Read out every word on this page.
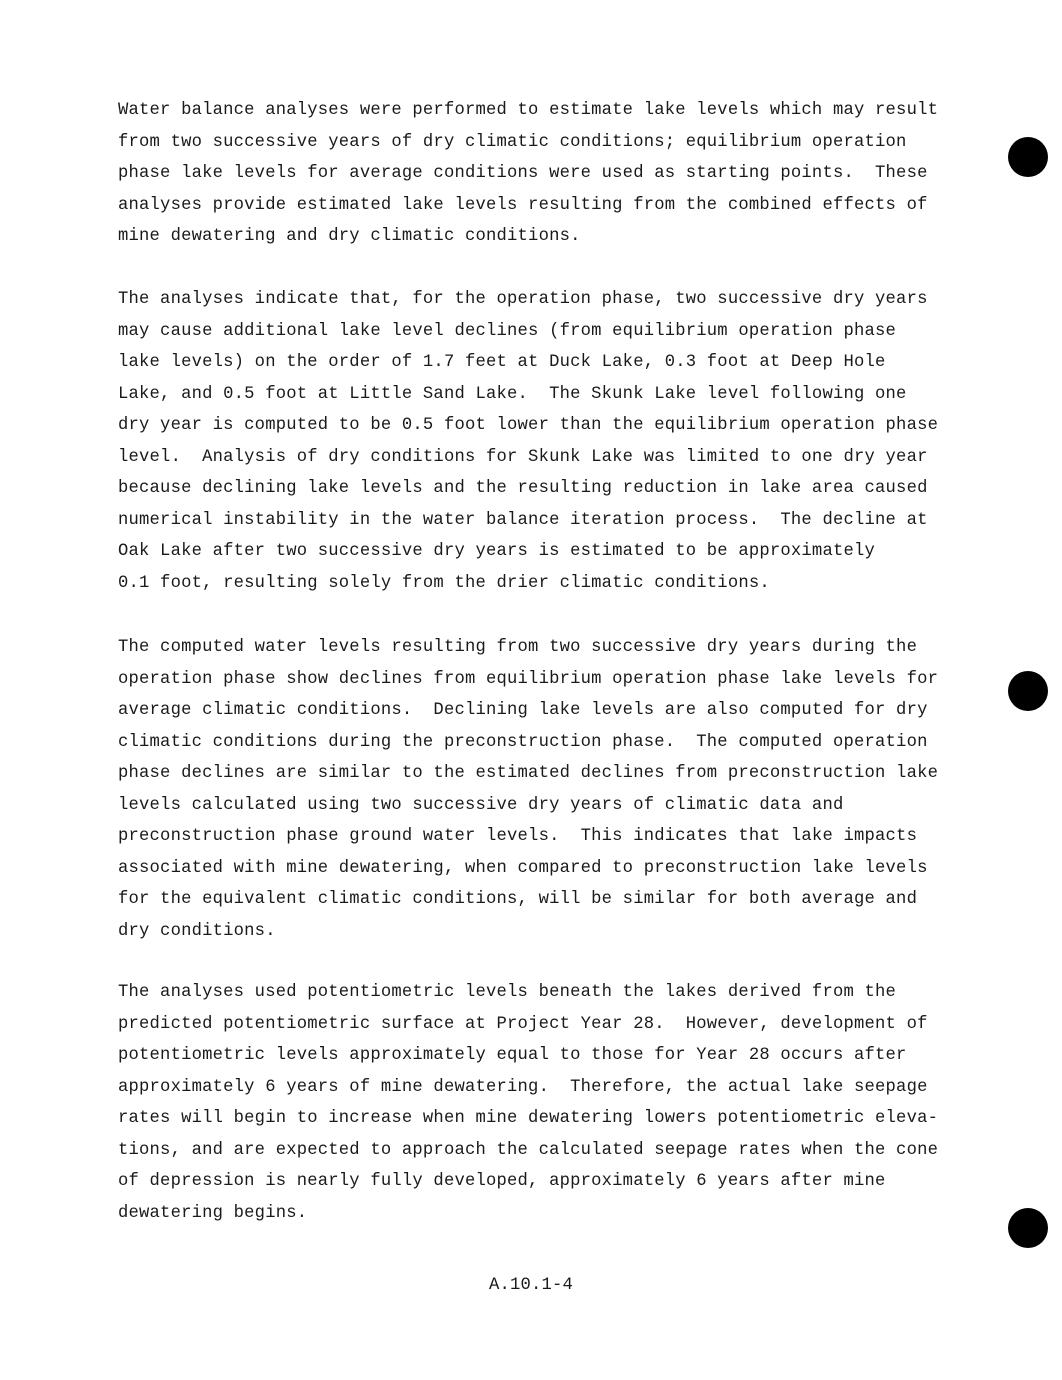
Water balance analyses were performed to estimate lake levels which may result
from two successive years of dry climatic conditions; equilibrium operation
phase lake levels for average conditions were used as starting points.  These
analyses provide estimated lake levels resulting from the combined effects of
mine dewatering and dry climatic conditions.
The analyses indicate that, for the operation phase, two successive dry years
may cause additional lake level declines (from equilibrium operation phase
lake levels) on the order of 1.7 feet at Duck Lake, 0.3 foot at Deep Hole
Lake, and 0.5 foot at Little Sand Lake.  The Skunk Lake level following one
dry year is computed to be 0.5 foot lower than the equilibrium operation phase
level.  Analysis of dry conditions for Skunk Lake was limited to one dry year
because declining lake levels and the resulting reduction in lake area caused
numerical instability in the water balance iteration process.  The decline at
Oak Lake after two successive dry years is estimated to be approximately
0.1 foot, resulting solely from the drier climatic conditions.
The computed water levels resulting from two successive dry years during the
operation phase show declines from equilibrium operation phase lake levels for
average climatic conditions.  Declining lake levels are also computed for dry
climatic conditions during the preconstruction phase.  The computed operation
phase declines are similar to the estimated declines from preconstruction lake
levels calculated using two successive dry years of climatic data and
preconstruction phase ground water levels.  This indicates that lake impacts
associated with mine dewatering, when compared to preconstruction lake levels
for the equivalent climatic conditions, will be similar for both average and
dry conditions.
The analyses used potentiometric levels beneath the lakes derived from the
predicted potentiometric surface at Project Year 28.  However, development of
potentiometric levels approximately equal to those for Year 28 occurs after
approximately 6 years of mine dewatering.  Therefore, the actual lake seepage
rates will begin to increase when mine dewatering lowers potentiometric eleva-
tions, and are expected to approach the calculated seepage rates when the cone
of depression is nearly fully developed, approximately 6 years after mine
dewatering begins.
A.10.1-4
